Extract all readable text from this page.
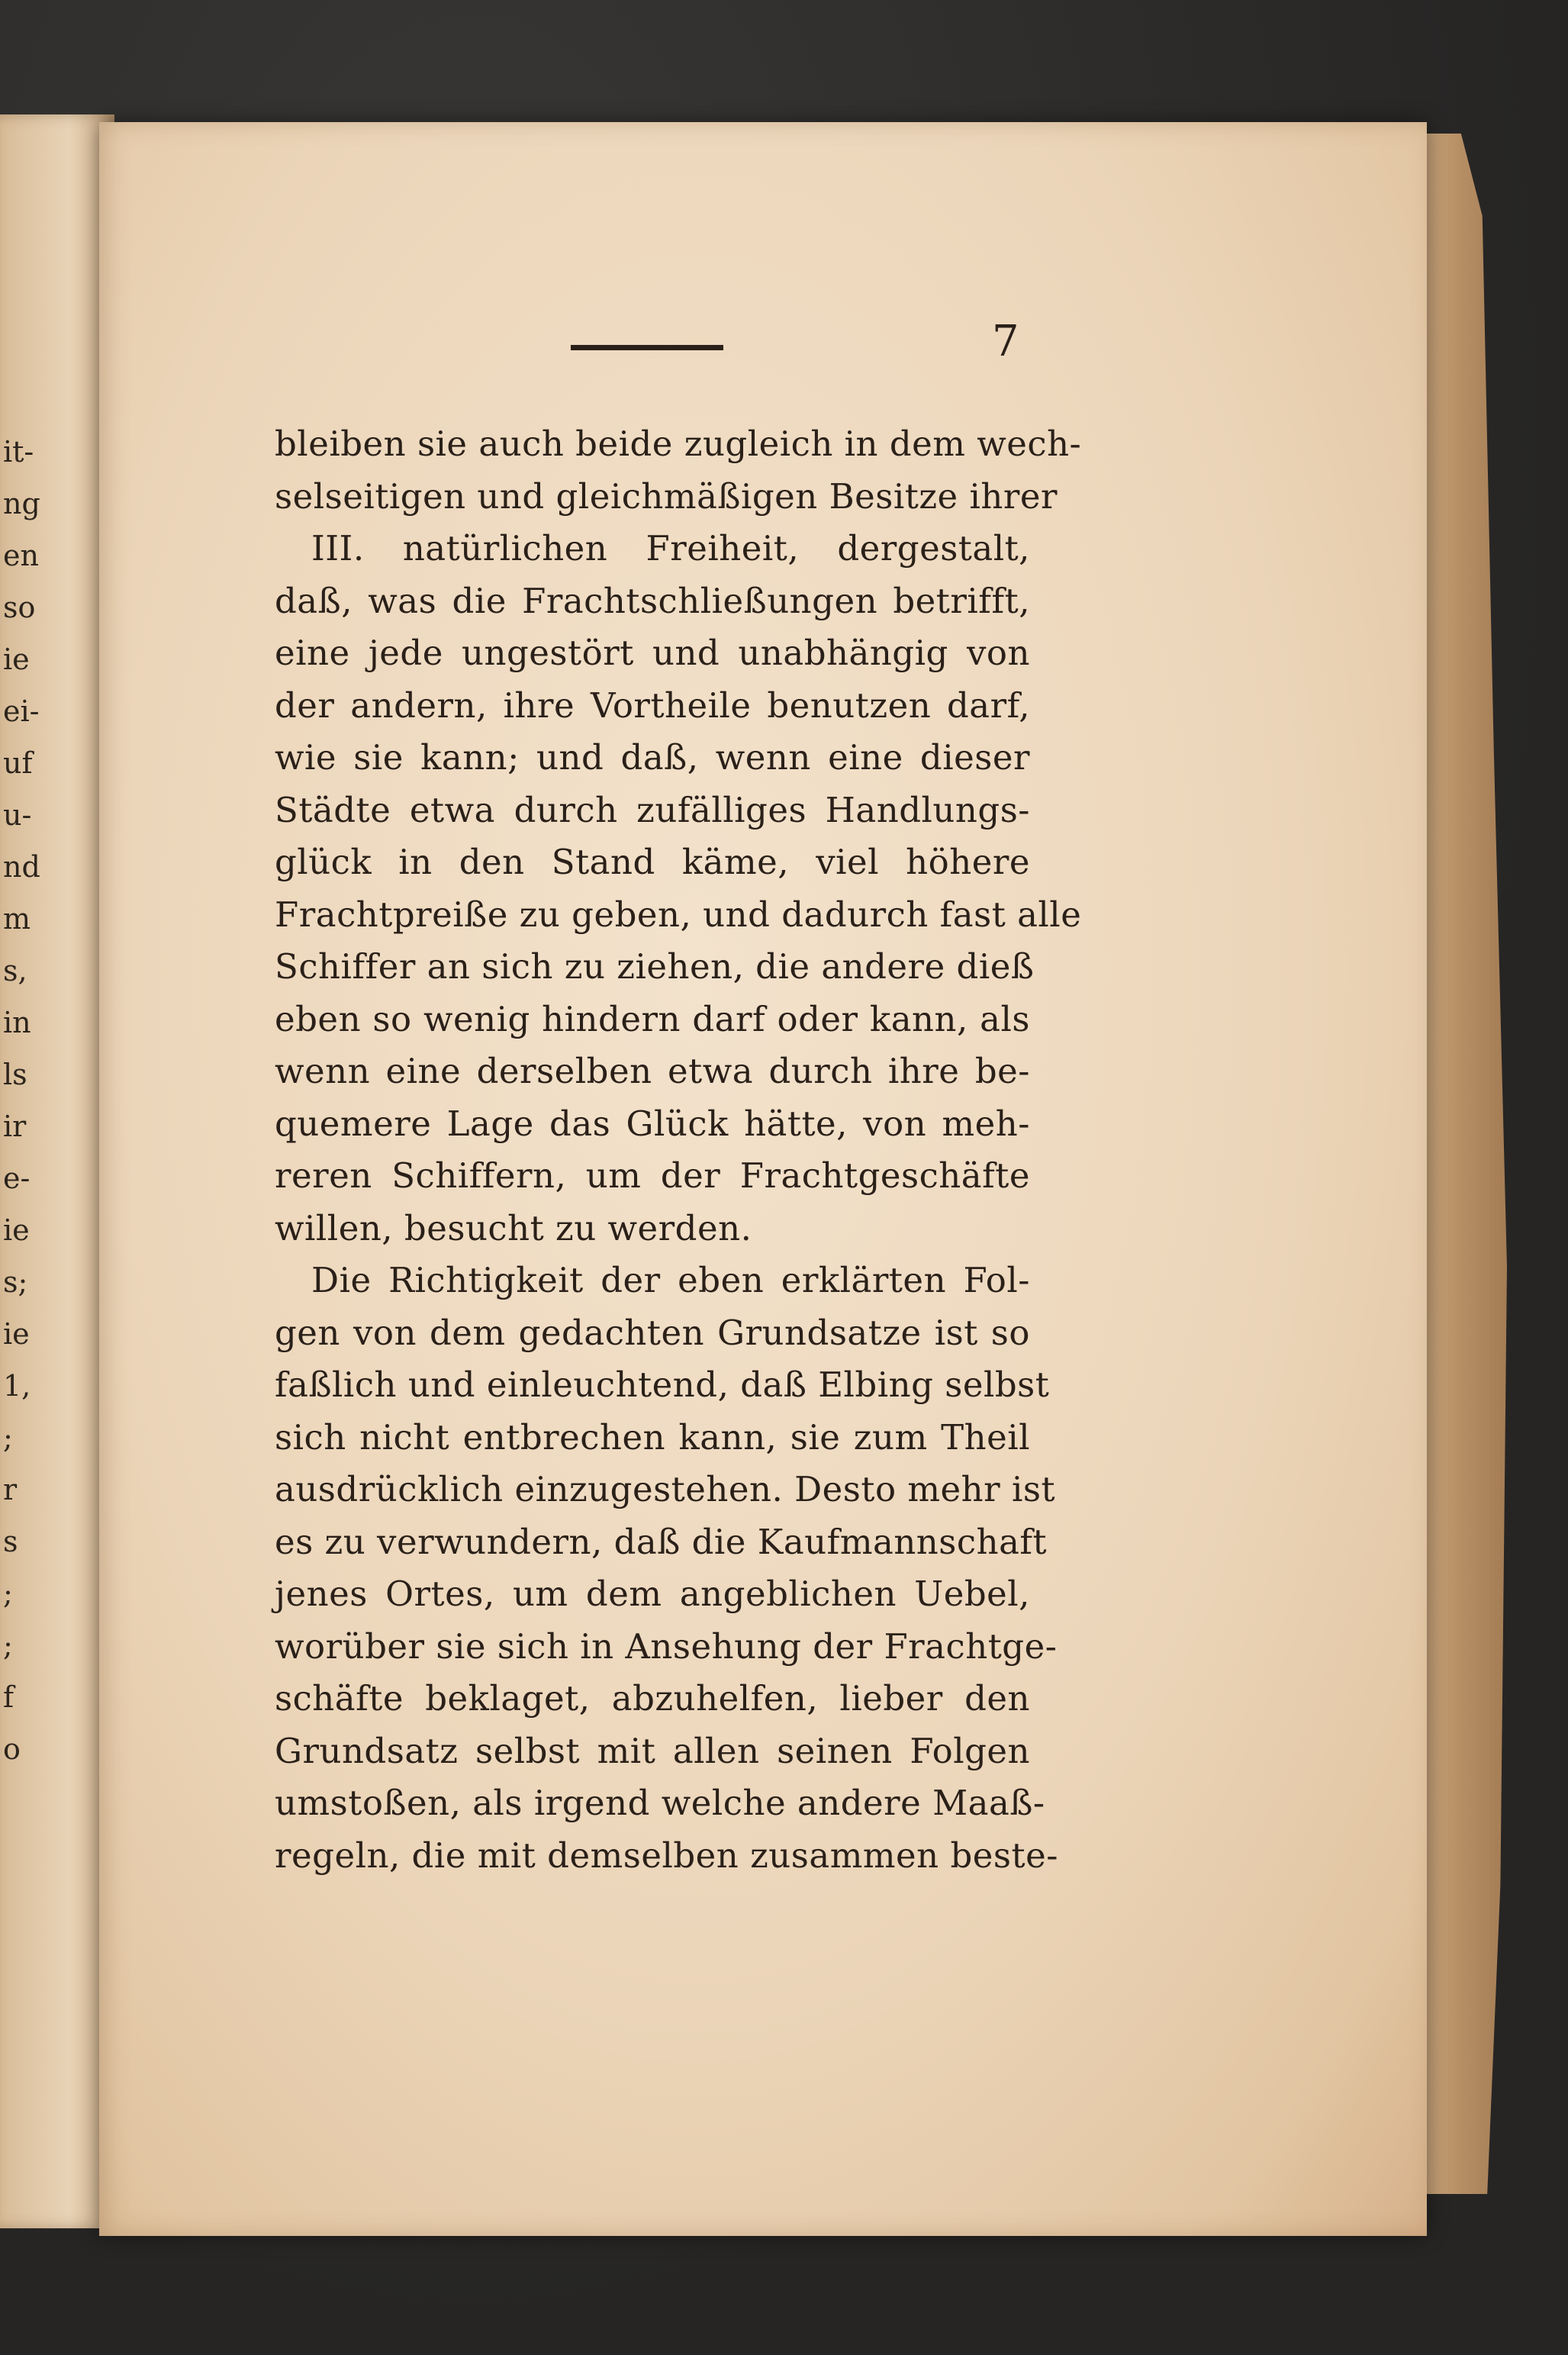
it-
ng
en
so
ie
ei-
uf
u-
nd
m
s,
in
ls
ir
e-
ie
s;
ie
1,
;
r
s
;
;
f
o
7
bleiben sie auch beide zugleich in dem wech-
selseitigen und gleichmäßigen Besitze ihrer
III. natürlichen Freiheit, dergestalt,
daß, was die Frachtschließungen betrifft,
eine jede ungestört und unabhängig von
der andern, ihre Vortheile benutzen darf,
wie sie kann; und daß, wenn eine dieser
Städte etwa durch zufälliges Handlungs-
glück in den Stand käme, viel höhere
Frachtpreiße zu geben, und dadurch fast alle
Schiffer an sich zu ziehen, die andere dieß
eben so wenig hindern darf oder kann, als
wenn eine derselben etwa durch ihre be-
quemere Lage das Glück hätte, von meh-
reren Schiffern, um der Frachtgeschäfte
willen, besucht zu werden.
Die Richtigkeit der eben erklärten Fol-
gen von dem gedachten Grundsatze ist so
faßlich und einleuchtend, daß Elbing selbst
sich nicht entbrechen kann, sie zum Theil
ausdrücklich einzugestehen. Desto mehr ist
es zu verwundern, daß die Kaufmannschaft
jenes Ortes, um dem angeblichen Uebel,
worüber sie sich in Ansehung der Frachtge-
schäfte beklaget, abzuhelfen, lieber den
Grundsatz selbst mit allen seinen Folgen
umstoßen, als irgend welche andere Maaß-
regeln, die mit demselben zusammen beste-
